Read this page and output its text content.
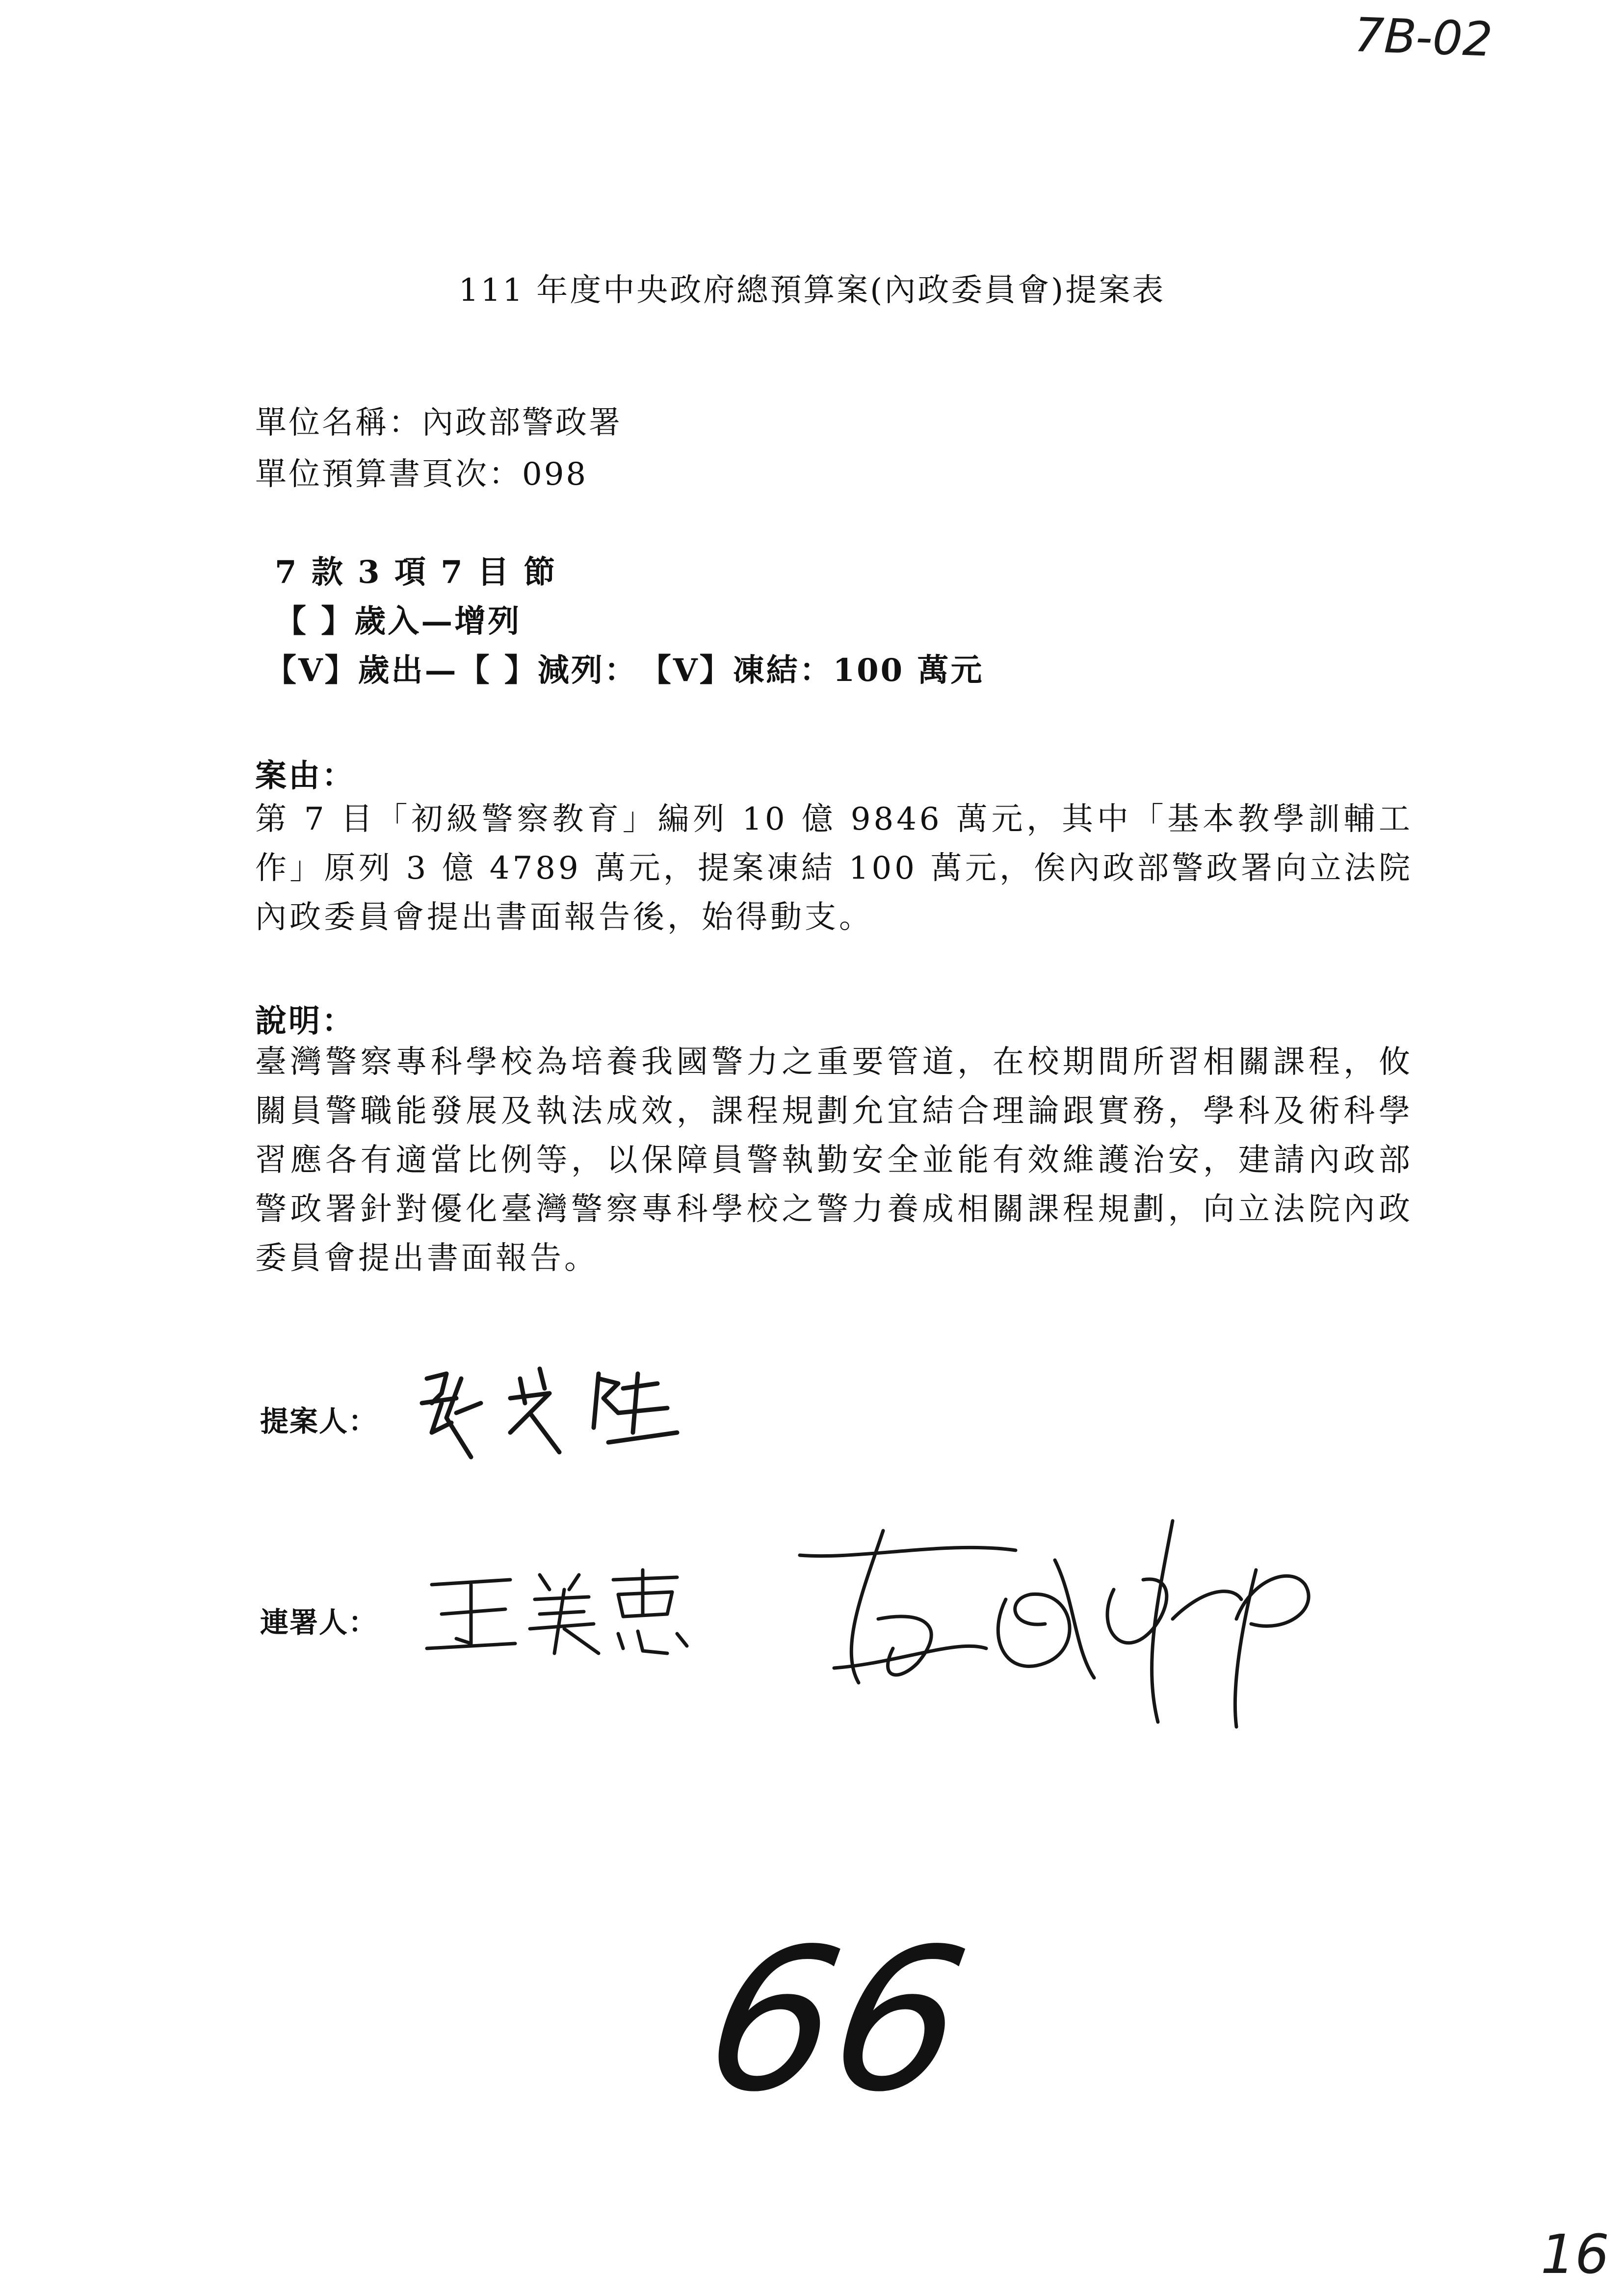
7B-02
111 年度中央政府總預算案(內政委員會)提案表
單位名稱：內政部警政署
單位預算書頁次：098
7 款 3 項 7 目 節
【 】歲入—增列
【V】歲出—【 】減列：　【V】凍結：100 萬元
案由：
第 7 目「初級警察教育」編列 10 億 9846 萬元，其中「基本教學訓輔工作」原列 3 億 4789 萬元，提案凍結 100 萬元，俟內政部警政署向立法院內政委員會提出書面報告後，始得動支。
說明：
臺灣警察專科學校為培養我國警力之重要管道，在校期間所習相關課程，攸關員警職能發展及執法成效，課程規劃允宜結合理論跟實務，學科及術科學習應各有適當比例等，以保障員警執勤安全並能有效維護治安，建請內政部警政署針對優化臺灣警察專科學校之警力養成相關課程規劃，向立法院內政委員會提出書面報告。
提案人：
連署人：
66
16
